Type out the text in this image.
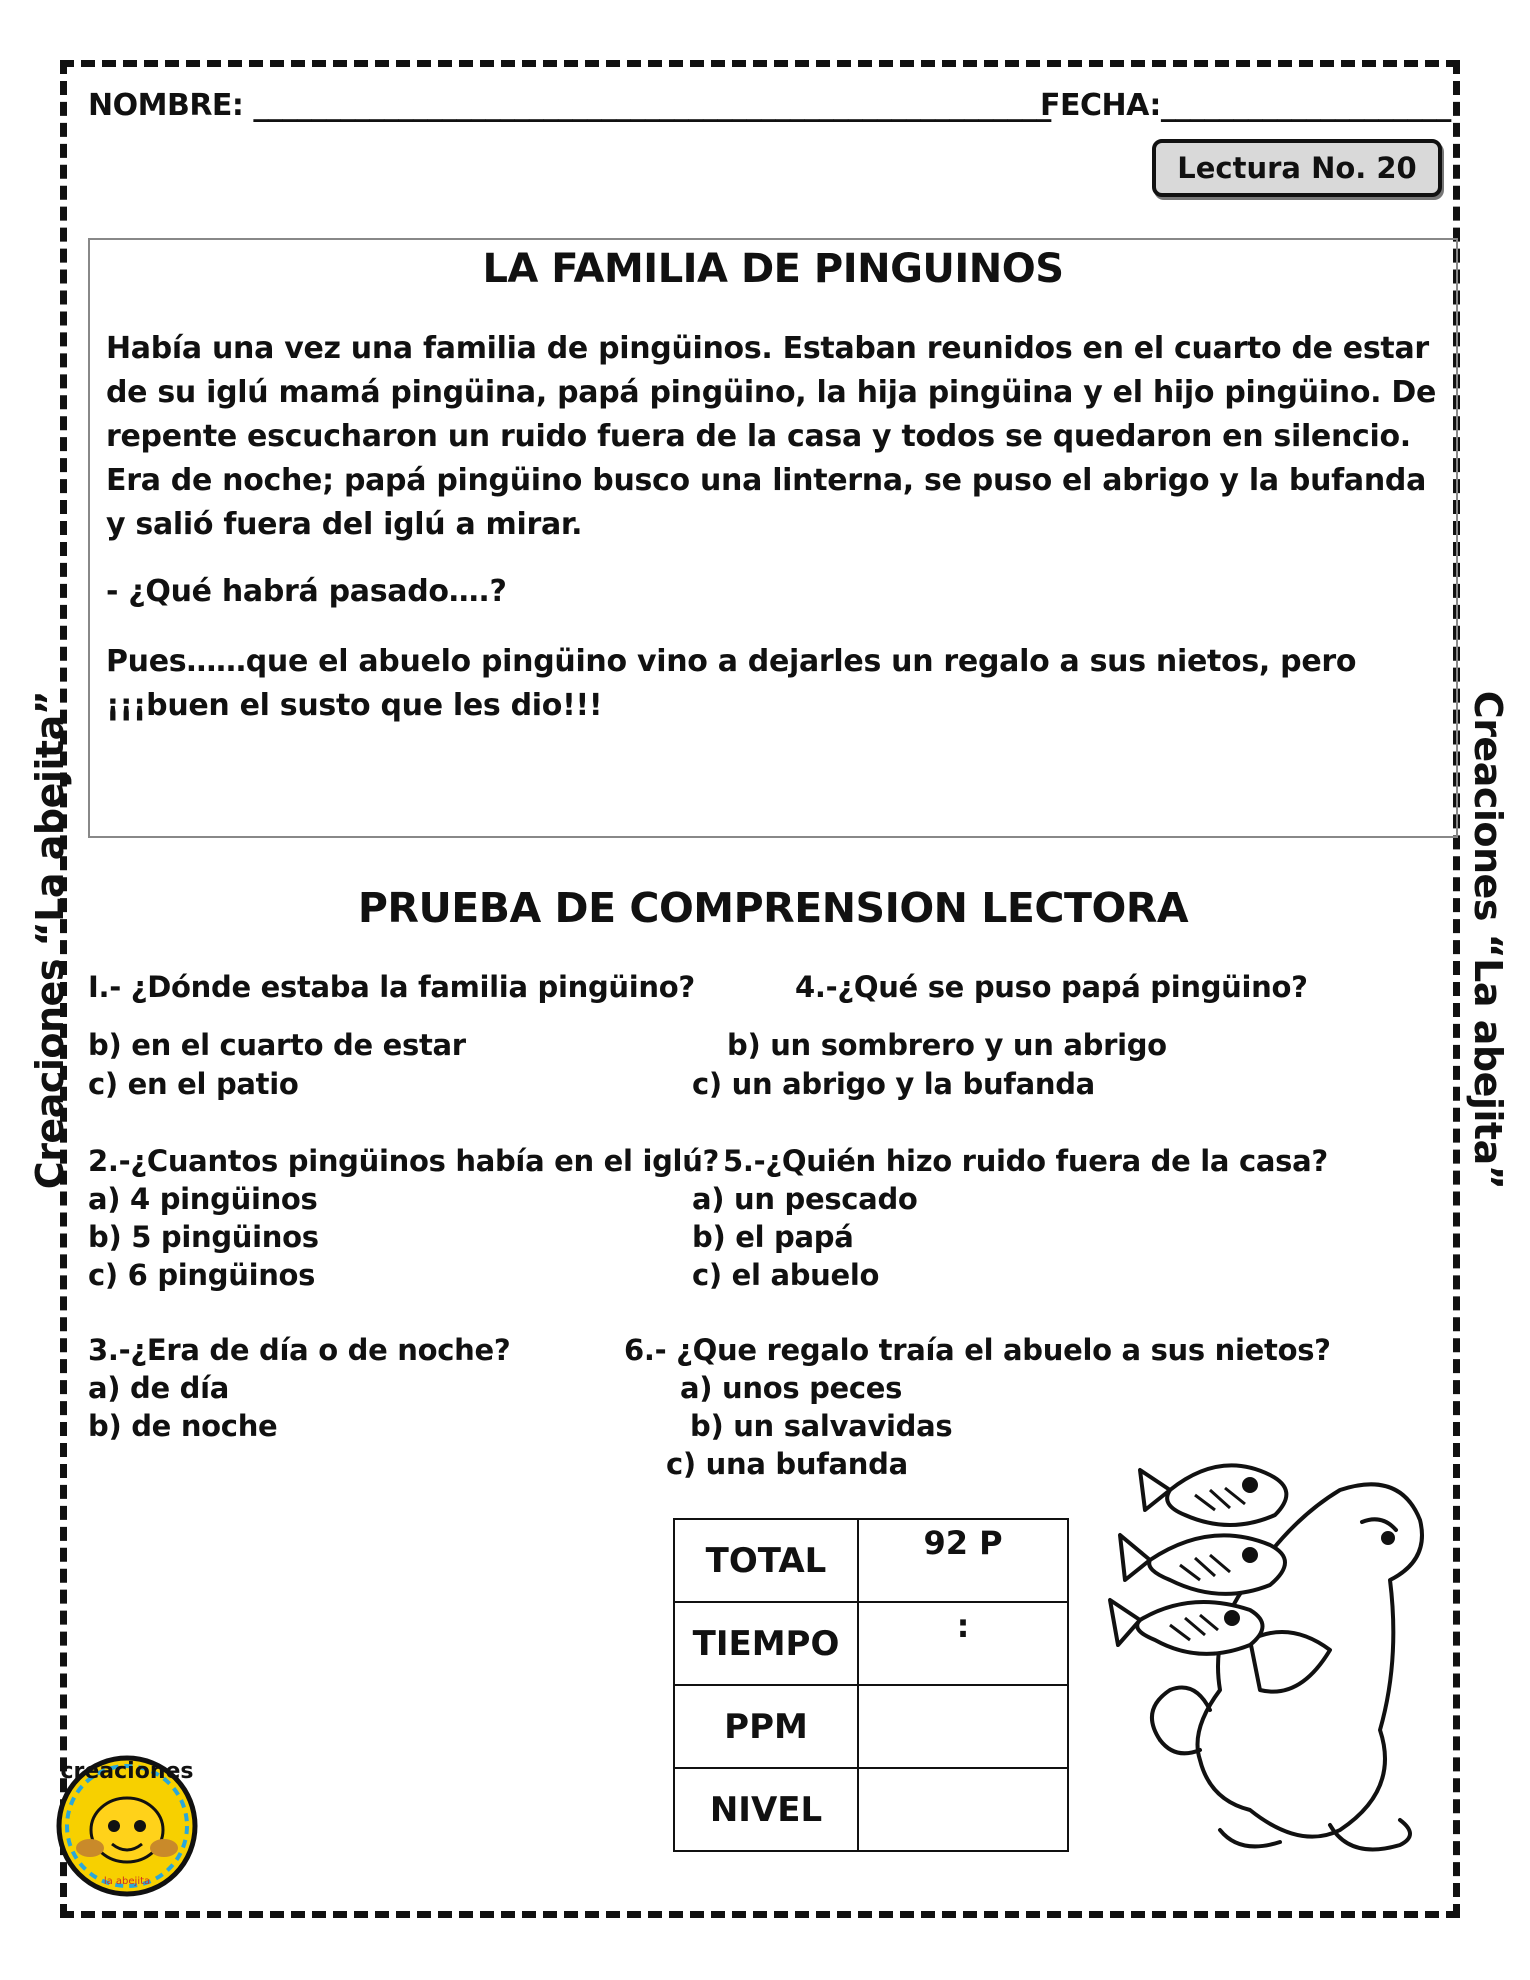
NOMBRE: _______________________________________________________
FECHA:____________________
Lectura No. 20
LA FAMILIA DE PINGUINOS
Había una vez una familia de pingüinos. Estaban reunidos en el cuarto de estar de su iglú mamá pingüina, papá pingüino, la hija pingüina y el hijo pingüino. De repente escucharon un ruido fuera de la casa y todos se quedaron en silencio. Era de noche; papá pingüino busco una linterna, se puso el abrigo y la bufanda y salió fuera del iglú a mirar.
- ¿Qué habrá pasado….?
Pues……que el abuelo pingüino vino a dejarles un regalo a sus nietos, pero ¡¡¡buen el susto que les dio!!!
PRUEBA DE COMPRENSION LECTORA
I.- ¿Dónde estaba la familia pingüino?
b) en el cuarto de estar
c) en el patio
4.-¿Qué se puso papá pingüino?
b) un sombrero y un abrigo
c) un abrigo y la bufanda
2.-¿Cuantos pingüinos había en el iglú?
a) 4 pingüinos
b) 5 pingüinos
c) 6 pingüinos
5.-¿Quién hizo ruido fuera de la casa?
a) un pescado
b) el papá
c) el abuelo
3.-¿Era de día o de noche?
a) de día
b) de noche
6.- ¿Que regalo traía el abuelo a sus nietos?
a) unos peces
b) un salvavidas
c) una bufanda
TOTAL	92 P
TIEMPO	:
PPM	
NIVEL	
Creaciones “La abejita”	Creaciones “La abejita”
creaciones
la abejita
